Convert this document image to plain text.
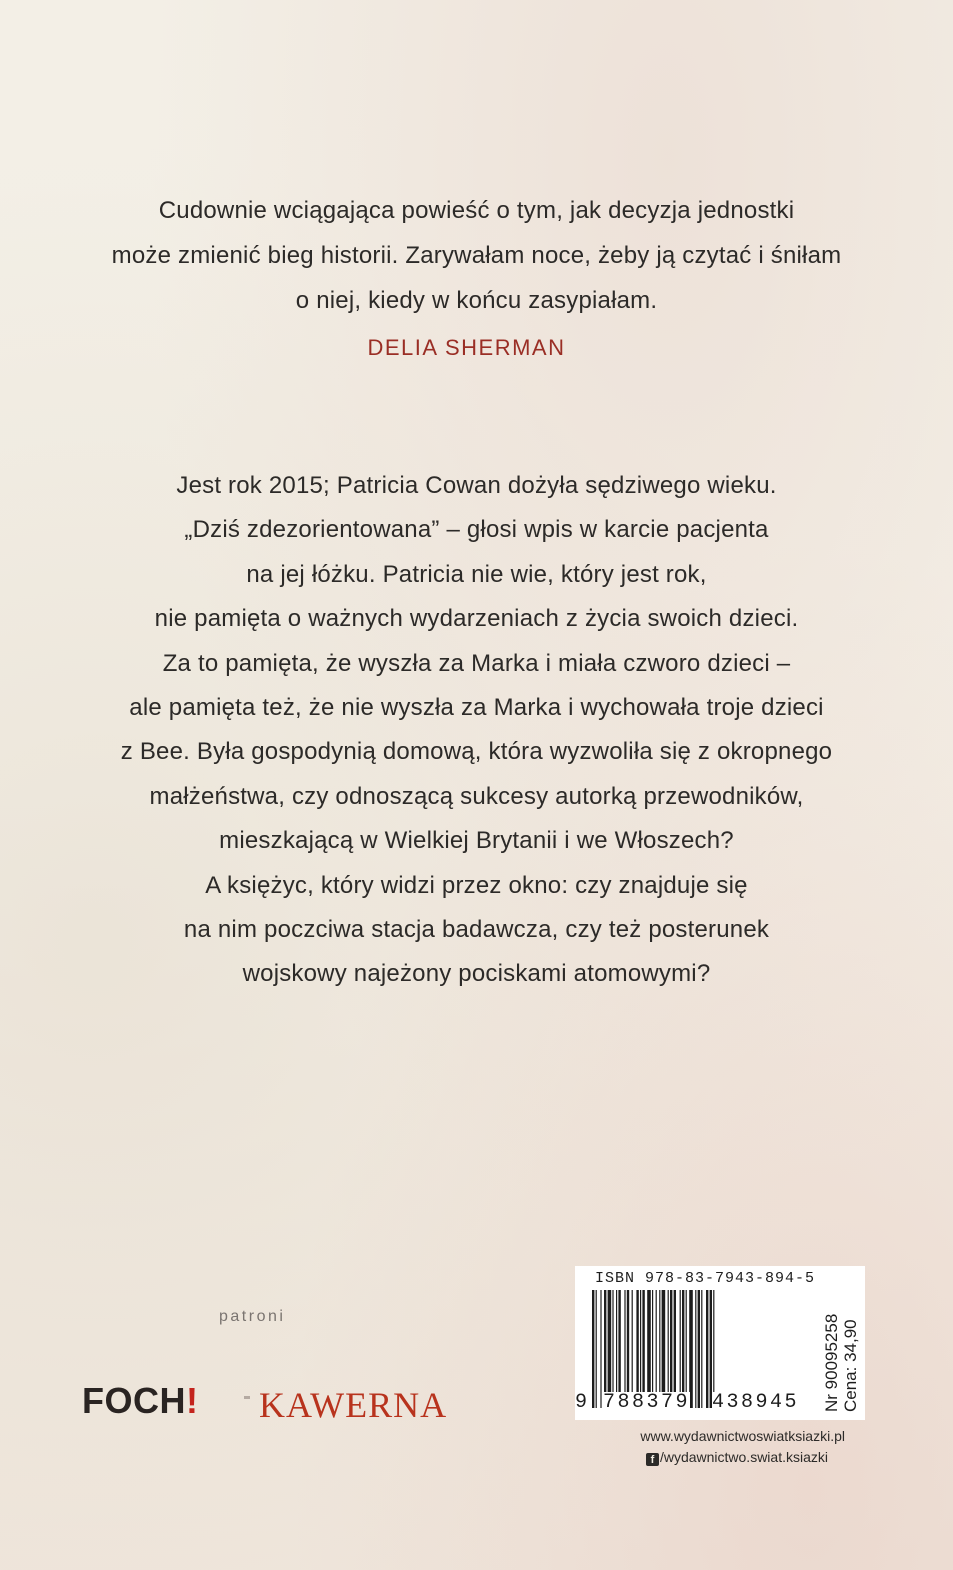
Cudownie wciągająca powieść o tym, jak decyzja jednostki

może zmienić bieg historii. Zarywałam noce, żeby ją czytać i śniłam

o niej, kiedy w końcu zasypiałam.

DELIA SHERMAN

Jest rok 2015; Patricia Cowan dożyła sędziwego wieku.

„Dziś zdezorientowana” – głosi wpis w karcie pacjenta

na jej łóżku. Patricia nie wie, który jest rok,

nie pamięta o ważnych wydarzeniach z życia swoich dzieci.

Za to pamięta, że wyszła za Marka i miała czworo dzieci –

ale pamięta też, że nie wyszła za Marka i wychowała troje dzieci

z Bee. Była gospodynią domową, która wyzwoliła się z okropnego

małżeństwa, czy odnoszącą sukcesy autorką przewodników,

mieszkającą w Wielkiej Brytanii i we Włoszech?

A księżyc, który widzi przez okno: czy znajduje się

na nim poczciwa stacja badawcza, czy też posterunek

wojskowy najeżony pociskami atomowymi?

patroni
FOCH! KAWERNA
ISBN 978-83-7943-894-5
9 788379 438945 Nr 90095258 Cena: 34,90
www.wydawnictwoswiatksiazki.pl
f /wydawnictwo.swiat.ksiazki
